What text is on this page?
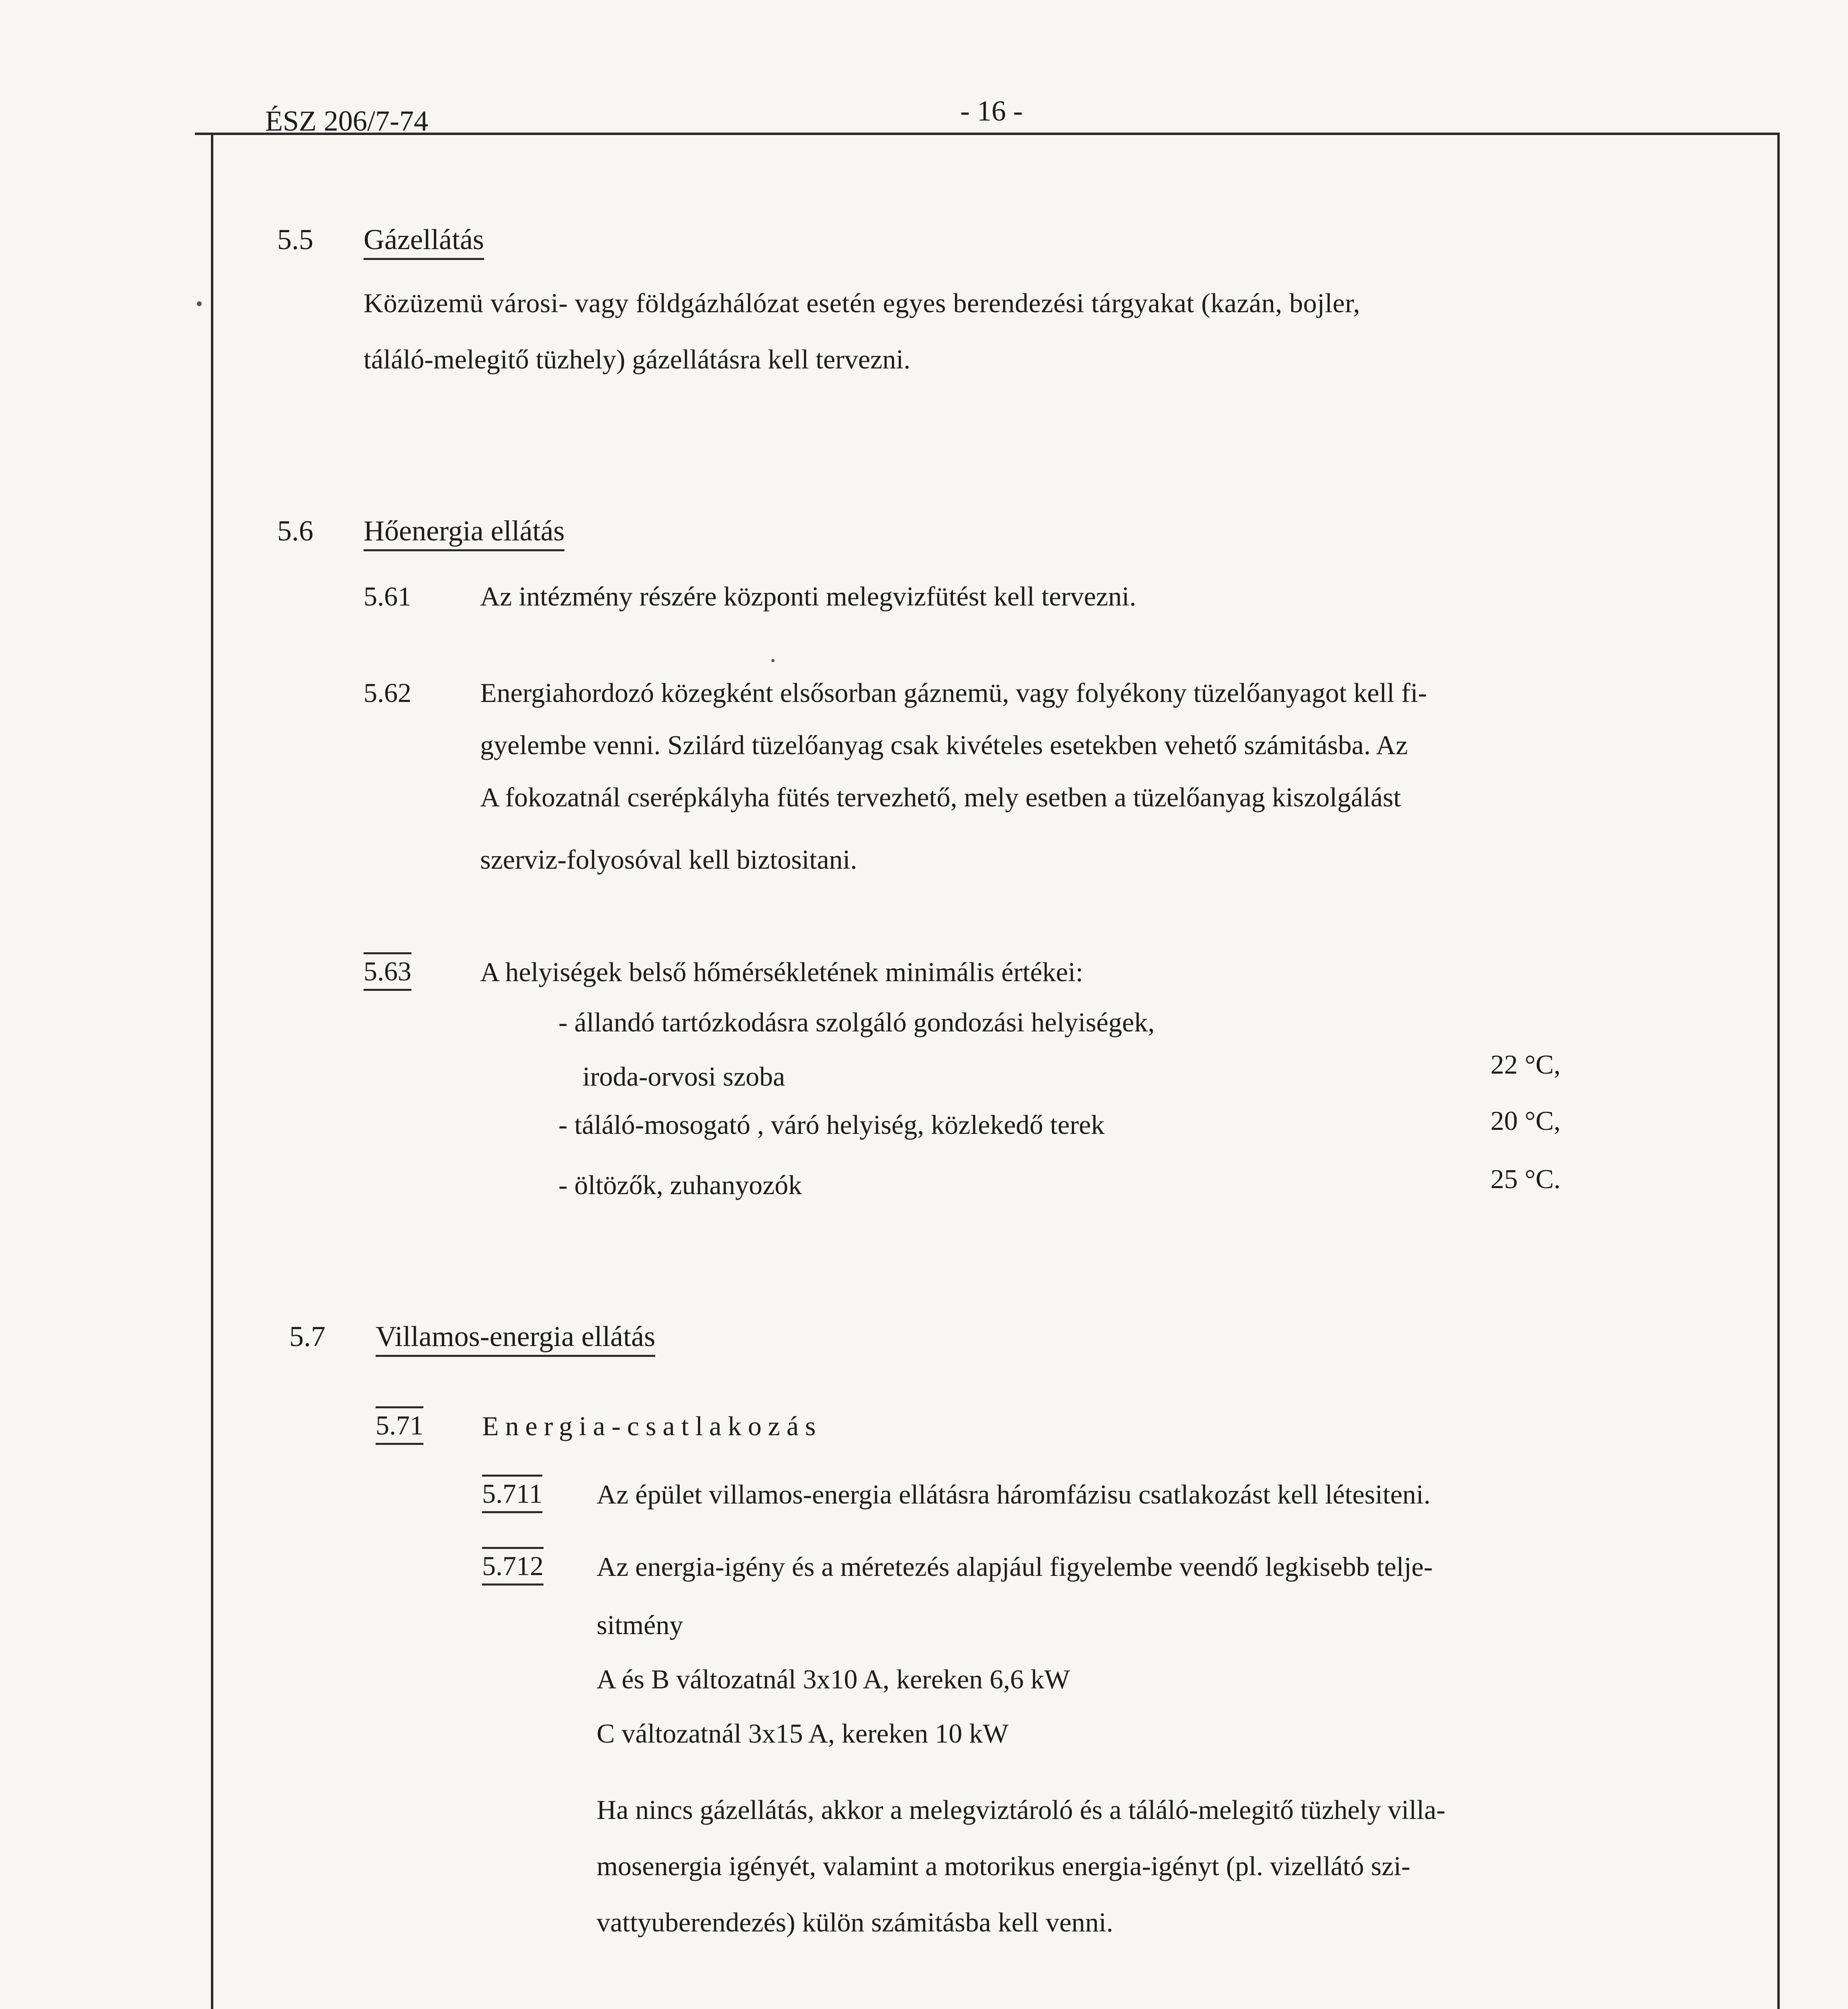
ÉSZ 206/7-74	- 16 -
5.5 Gázellátás
Közüzemü városi- vagy földgázhálózat esetén egyes berendezési tárgyakat (kazán, bojler,
táláló-melegitő tüzhely) gázellátásra kell tervezni.
5.6 Hőenergia ellátás
5.61	Az intézmény részére központi melegvizfütést kell tervezni.
5.62	Energiahordozó közegként elsősorban gáznemü, vagy folyékony tüzelőanyagot kell fi-
gyelembe venni. Szilárd tüzelőanyag csak kivételes esetekben vehető számitásba. Az
A fokozatnál cserépkályha fütés tervezhető, mely esetben a tüzelőanyag kiszolgálást
szerviz-folyosóval kell biztositani.
5.63	A helyiségek belső hőmérsékletének minimális értékei:
- állandó tartózkodásra szolgáló gondozási helyiségek,
iroda-orvosi szoba	22 °C,
- táláló-mosogató , váró helyiség, közlekedő terek	20 °C,
- öltözők, zuhanyozók	25 °C.
5.7 Villamos-energia ellátás
5.71 Energia-csatlakozás
5.711 Az épület villamos-energia ellátásra háromfázisu csatlakozást kell létesiteni.
5.712 Az energia-igény és a méretezés alapjául figyelembe veendő legkisebb telje-
sitmény
A és B változatnál 3x10 A, kereken 6,6 kW
C változatnál 3x15 A, kereken 10 kW
Ha nincs gázellátás, akkor a melegviztároló és a táláló-melegitő tüzhely villa-
mosenergia igényét, valamint a motorikus energia-igényt (pl. vizellátó szi-
vattyuberendezés) külön számitásba kell venni.
